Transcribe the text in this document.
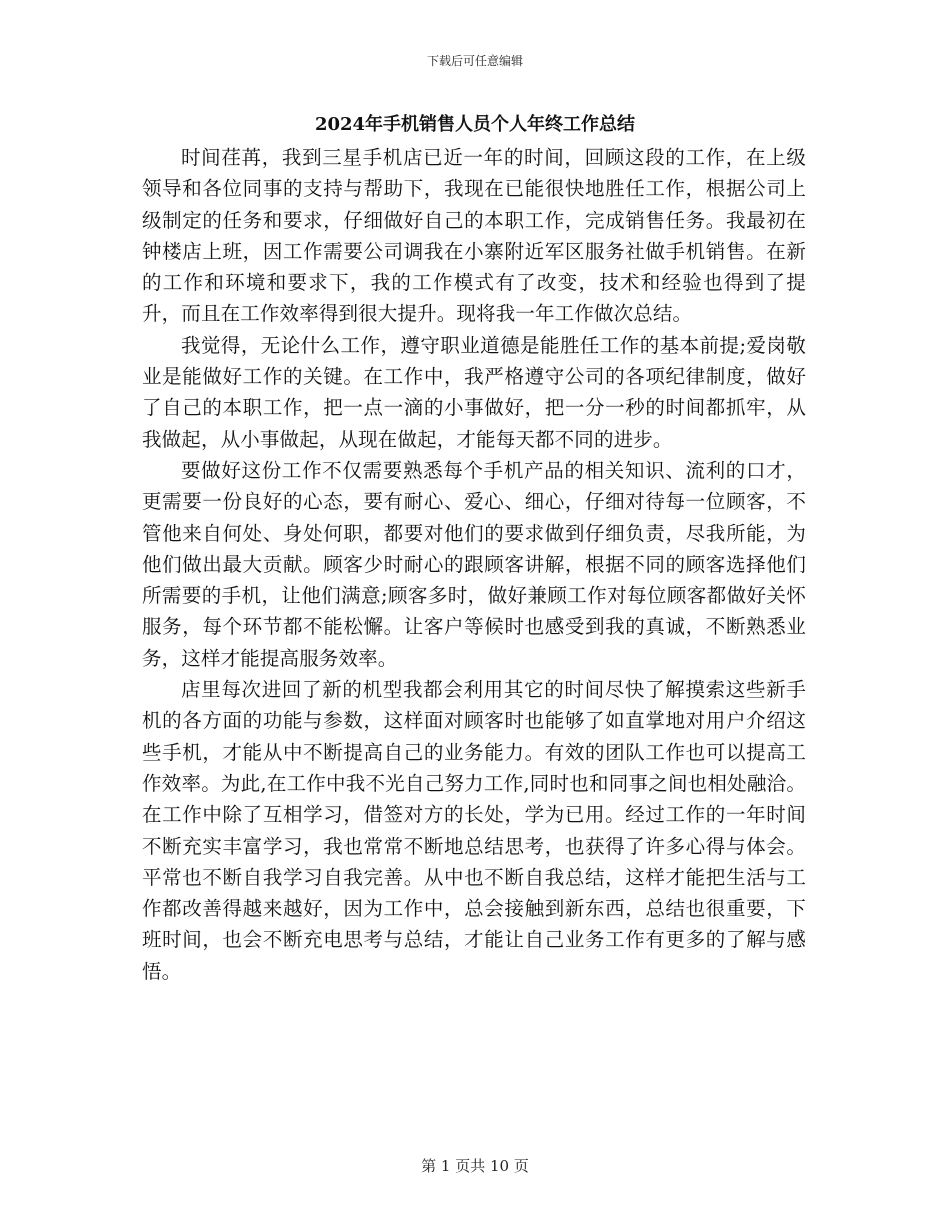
下载后可任意编辑
2024年手机销售人员个人年终工作总结

时间荏苒，我到三星手机店已近一年的时间，回顾这段的工作，在上级领导和各位同事的支持与帮助下，我现在已能很快地胜任工作，根据公司上级制定的任务和要求，仔细做好自己的本职工作，完成销售任务。我最初在钟楼店上班，因工作需要公司调我在小寨附近军区服务社做手机销售。在新的工作和环境和要求下，我的工作模式有了改变，技术和经验也得到了提升，而且在工作效率得到很大提升。现将我一年工作做次总结。

我觉得，无论什么工作，遵守职业道德是能胜任工作的基本前提;爱岗敬业是能做好工作的关键。在工作中，我严格遵守公司的各项纪律制度，做好了自己的本职工作，把一点一滴的小事做好，把一分一秒的时间都抓牢，从我做起，从小事做起，从现在做起，才能每天都不同的进步。

要做好这份工作不仅需要熟悉每个手机产品的相关知识、流利的口才，更需要一份良好的心态，要有耐心、爱心、细心，仔细对待每一位顾客，不管他来自何处、身处何职，都要对他们的要求做到仔细负责，尽我所能，为他们做出最大贡献。顾客少时耐心的跟顾客讲解，根据不同的顾客选择他们所需要的手机，让他们满意;顾客多时，做好兼顾工作对每位顾客都做好关怀服务，每个环节都不能松懈。让客户等候时也感受到我的真诚，不断熟悉业务，这样才能提高服务效率。

店里每次进回了新的机型我都会利用其它的时间尽快了解摸索这些新手机的各方面的功能与参数，这样面对顾客时也能够了如直掌地对用户介绍这些手机，才能从中不断提高自己的业务能力。有效的团队工作也可以提高工作效率。为此,在工作中我不光自己努力工作,同时也和同事之间也相处融洽。在工作中除了互相学习，借签对方的长处，学为已用。经过工作的一年时间不断充实丰富学习，我也常常不断地总结思考，也获得了许多心得与体会。平常也不断自我学习自我完善。从中也不断自我总结，这样才能把生活与工作都改善得越来越好，因为工作中，总会接触到新东西，总结也很重要，下班时间，也会不断充电思考与总结，才能让自己业务工作有更多的了解与感悟。

第 1 页共 10 页
